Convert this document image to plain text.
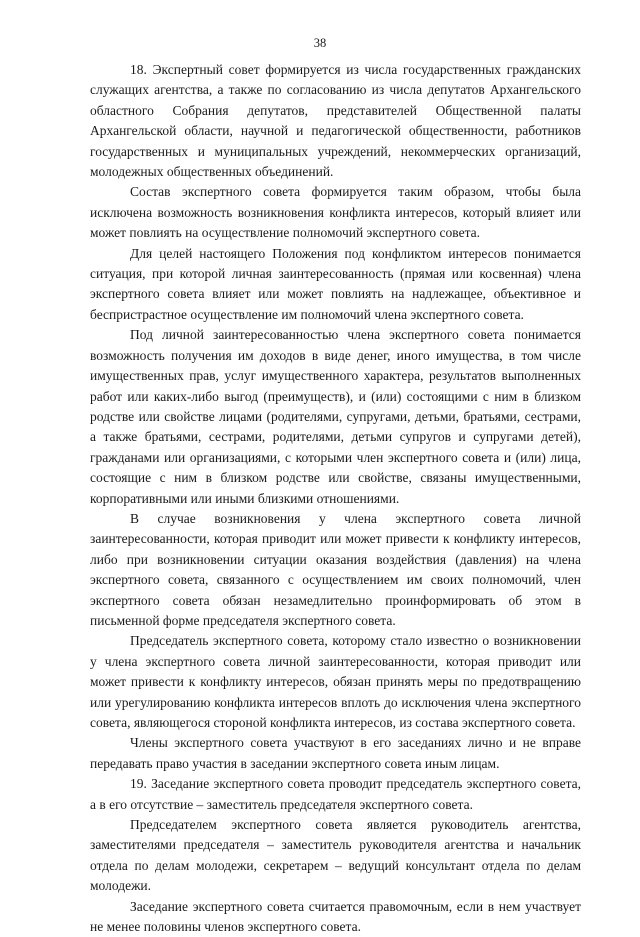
38

18. Экспертный совет формируется из числа государственных гражданских служащих агентства, а также по согласованию из числа депутатов Архангельского областного Собрания депутатов, представителей Общественной палаты Архангельской области, научной и педагогической общественности, работников государственных и муниципальных учреждений, некоммерческих организаций, молодежных общественных объединений.

Состав экспертного совета формируется таким образом, чтобы была исключена возможность возникновения конфликта интересов, который влияет или может повлиять на осуществление полномочий экспертного совета.

Для целей настоящего Положения под конфликтом интересов понимается ситуация, при которой личная заинтересованность (прямая или косвенная) члена экспертного совета влияет или может повлиять на надлежащее, объективное и беспристрастное осуществление им полномочий члена экспертного совета.

Под личной заинтересованностью члена экспертного совета понимается возможность получения им доходов в виде денег, иного имущества, в том числе имущественных прав, услуг имущественного характера, результатов выполненных работ или каких-либо выгод (преимуществ), и (или) состоящими с ним в близком родстве или свойстве лицами (родителями, супругами, детьми, братьями, сестрами, а также братьями, сестрами, родителями, детьми супругов и супругами детей), гражданами или организациями, с которыми член экспертного совета и (или) лица, состоящие с ним в близком родстве или свойстве, связаны имущественными, корпоративными или иными близкими отношениями.

В случае возникновения у члена экспертного совета личной заинтересованности, которая приводит или может привести к конфликту интересов, либо при возникновении ситуации оказания воздействия (давления) на члена экспертного совета, связанного с осуществлением им своих полномочий, член экспертного совета обязан незамедлительно проинформировать об этом в письменной форме председателя экспертного совета.

Председатель экспертного совета, которому стало известно о возникновении у члена экспертного совета личной заинтересованности, которая приводит или может привести к конфликту интересов, обязан принять меры по предотвращению или урегулированию конфликта интересов вплоть до исключения члена экспертного совета, являющегося стороной конфликта интересов, из состава экспертного совета.

Члены экспертного совета участвуют в его заседаниях лично и не вправе передавать право участия в заседании экспертного совета иным лицам.

19. Заседание экспертного совета проводит председатель экспертного совета, а в его отсутствие – заместитель председателя экспертного совета.

Председателем экспертного совета является руководитель агентства, заместителями председателя – заместитель руководителя агентства и начальник отдела по делам молодежи, секретарем – ведущий консультант отдела по делам молодежи.

Заседание экспертного совета считается правомочным, если в нем участвует не менее половины членов экспертного совета.
